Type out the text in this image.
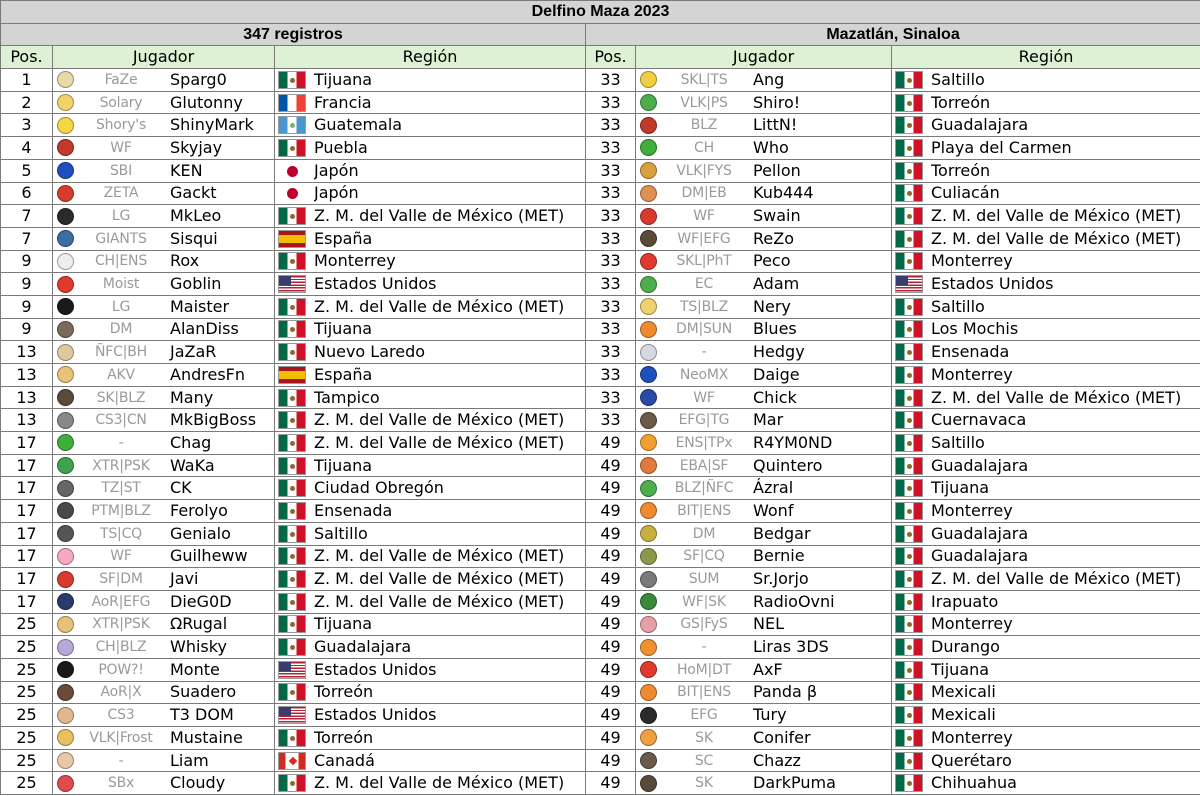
Delfino Maza 2023					
347 registros			Mazatlán, Sinaloa		
Pos.	Jugador	Región	Pos.	Jugador	Región
1	FaZe Sparg0	Tijuana	33	SKL|TS Ang	Saltillo

2	Solary Glutonny	Francia	33	VLK|PS Shiro!	Torreón

3	Shory's ShinyMark	Guatemala	33	BLZ LittN!	Guadalajara

4	WF Skyjay	Puebla	33	CH Who	Playa del Carmen

5	SBI KEN	Japón	33	VLK|FYS Pellon	Torreón

6	ZETA Gackt	Japón	33	DM|EB Kub444	Culiacán

7	LG MkLeo	Z. M. del Valle de México (MET)	33	WF Swain	Z. M. del Valle de México (MET)

7	GIANTS Sisqui	España	33	WF|EFG ReZo	Z. M. del Valle de México (MET)

9	CH|ENS Rox	Monterrey	33	SKL|PhT Peco	Monterrey

9	Moist Goblin	Estados Unidos	33	EC Adam	Estados Unidos

9	LG Maister	Z. M. del Valle de México (MET)	33	TS|BLZ Nery	Saltillo

9	DM AlanDiss	Tijuana	33	DM|SUN Blues	Los Mochis

13	ÑFC|BH JaZaR	Nuevo Laredo	33	- Hedgy	Ensenada

13	AKV AndresFn	España	33	NeoMX Daige	Monterrey

13	SK|BLZ Many	Tampico	33	WF Chick	Z. M. del Valle de México (MET)

13	CS3|CN MkBigBoss	Z. M. del Valle de México (MET)	33	EFG|TG Mar	Cuernavaca

17	- Chag	Z. M. del Valle de México (MET)	49	ENS|TPx R4YM0ND	Saltillo

17	XTR|PSK WaKa	Tijuana	49	EBA|SF Quintero	Guadalajara

17	TZ|ST CK	Ciudad Obregón	49	BLZ|ÑFC Ázral	Tijuana

17	PTM|BLZ Ferolyo	Ensenada	49	BIT|ENS Wonf	Monterrey

17	TS|CQ Genialo	Saltillo	49	DM Bedgar	Guadalajara

17	WF Guilheww	Z. M. del Valle de México (MET)	49	SF|CQ Bernie	Guadalajara

17	SF|DM Javi	Z. M. del Valle de México (MET)	49	SUM Sr.Jorjo	Z. M. del Valle de México (MET)

17	AoR|EFG DieG0D	Z. M. del Valle de México (MET)	49	WF|SK RadioOvni	Irapuato

25	XTR|PSK ΩRugal	Tijuana	49	GS|FyS NEL	Monterrey

25	CH|BLZ Whisky	Guadalajara	49	- Liras 3DS	Durango

25	POW?! Monte	Estados Unidos	49	HoM|DT AxF	Tijuana

25	AoR|X Suadero	Torreón	49	BIT|ENS Panda β	Mexicali

25	CS3 T3 DOM	Estados Unidos	49	EFG Tury	Mexicali

25	VLK|Frost Mustaine	Torreón	49	SK Conifer	Monterrey

25	- Liam	Canadá	49	SC Chazz	Querétaro

25	SBx Cloudy	Z. M. del Valle de México (MET)	49	SK DarkPuma	Chihuahua
